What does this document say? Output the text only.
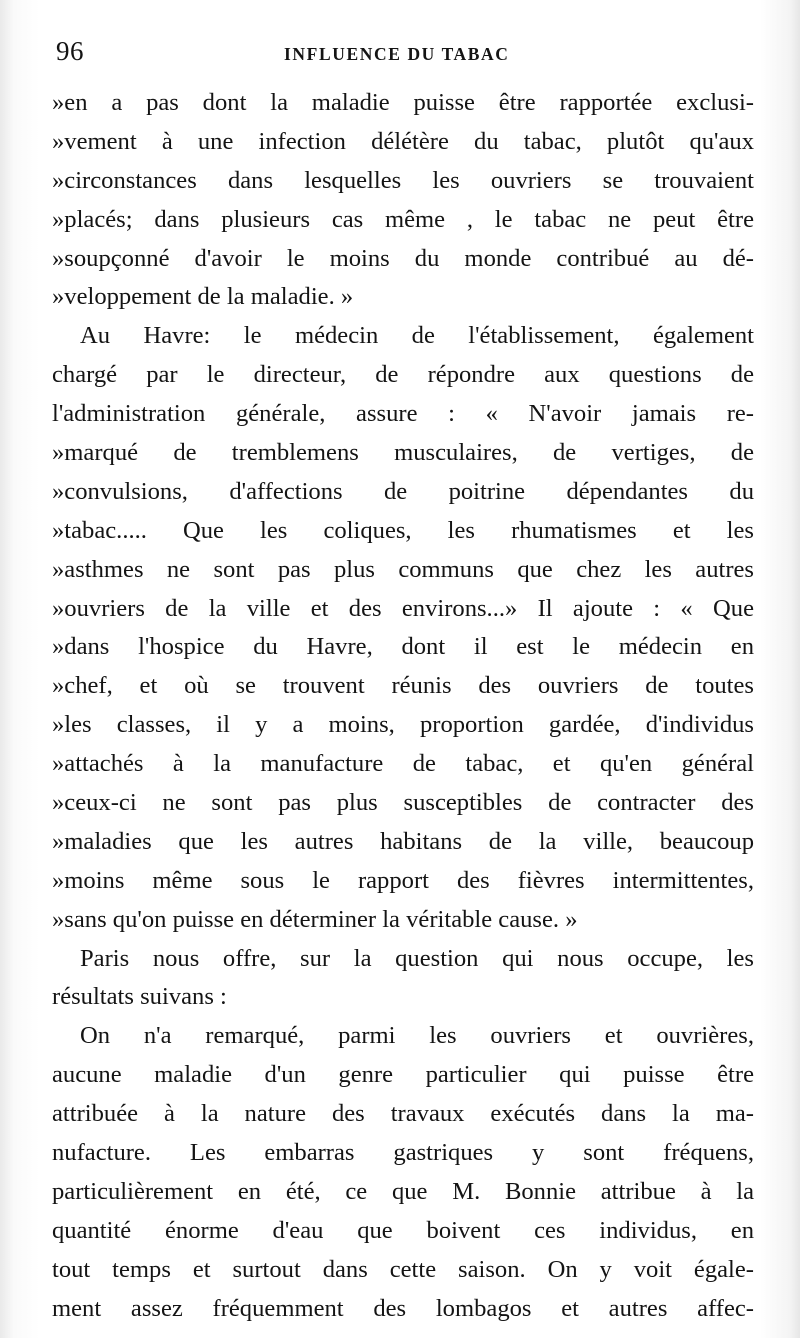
96	INFLUENCE DU TABAC
»en a pas dont la maladie puisse être rapportée exclusi-
»vement à une infection délétère du tabac, plutôt qu'aux
»circonstances dans lesquelles les ouvriers se trouvaient
»placés; dans plusieurs cas même , le tabac ne peut être
»soupçonné d'avoir le moins du monde contribué au dé-
»veloppement de la maladie. »
Au Havre: le médecin de l'établissement, également
chargé par le directeur, de répondre aux questions de
l'administration générale, assure : « N'avoir jamais re-
»marqué de tremblemens musculaires, de vertiges, de
»convulsions, d'affections de poitrine dépendantes du
»tabac..... Que les coliques, les rhumatismes et les
»asthmes ne sont pas plus communs que chez les autres
»ouvriers de la ville et des environs...» Il ajoute : « Que
»dans l'hospice du Havre, dont il est le médecin en
»chef, et où se trouvent réunis des ouvriers de toutes
»les classes, il y a moins, proportion gardée, d'individus
»attachés à la manufacture de tabac, et qu'en général
»ceux-ci ne sont pas plus susceptibles de contracter des
»maladies que les autres habitans de la ville, beaucoup
»moins même sous le rapport des fièvres intermittentes,
»sans qu'on puisse en déterminer la véritable cause. »
Paris nous offre, sur la question qui nous occupe, les
résultats suivans :
On n'a remarqué, parmi les ouvriers et ouvrières,
aucune maladie d'un genre particulier qui puisse être
attribuée à la nature des travaux exécutés dans la ma-
nufacture. Les embarras gastriques y sont fréquens,
particulièrement en été, ce que M. Bonnie attribue à la
quantité énorme d'eau que boivent ces individus, en
tout temps et surtout dans cette saison. On y voit égale-
ment assez fréquemment des lombagos et autres affec-
